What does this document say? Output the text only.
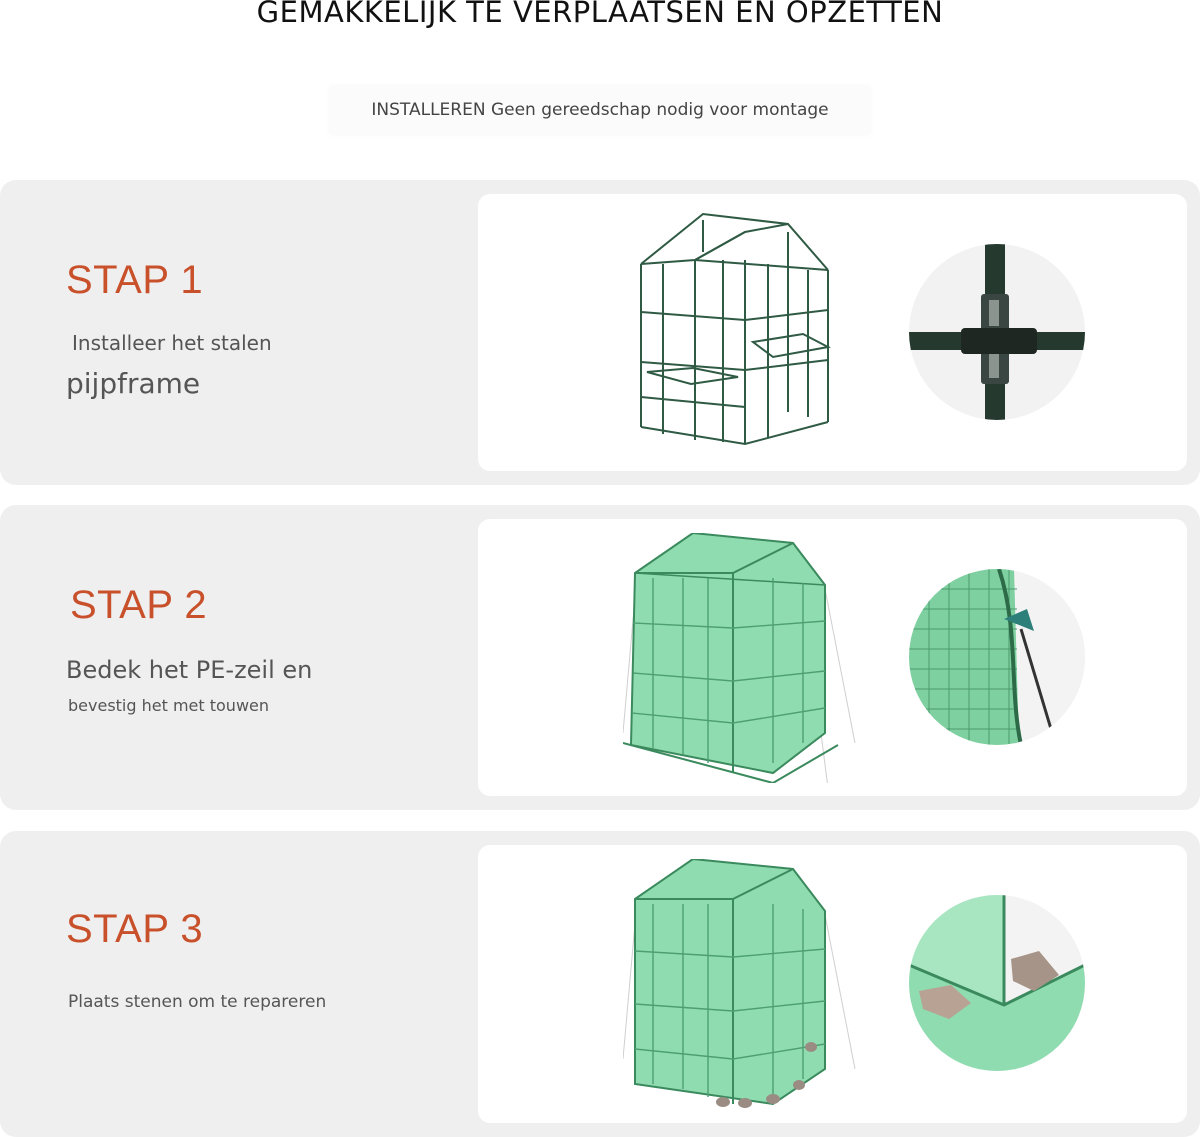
GEMAKKELIJK TE VERPLAATSEN EN OPZETTEN
INSTALLEREN Geen gereedschap nodig voor montage
STAP 1
Installeer het stalen
pijpframe
STAP 2
Bedek het PE-zeil en
bevestig het met touwen
STAP 3
Plaats stenen om te repareren
